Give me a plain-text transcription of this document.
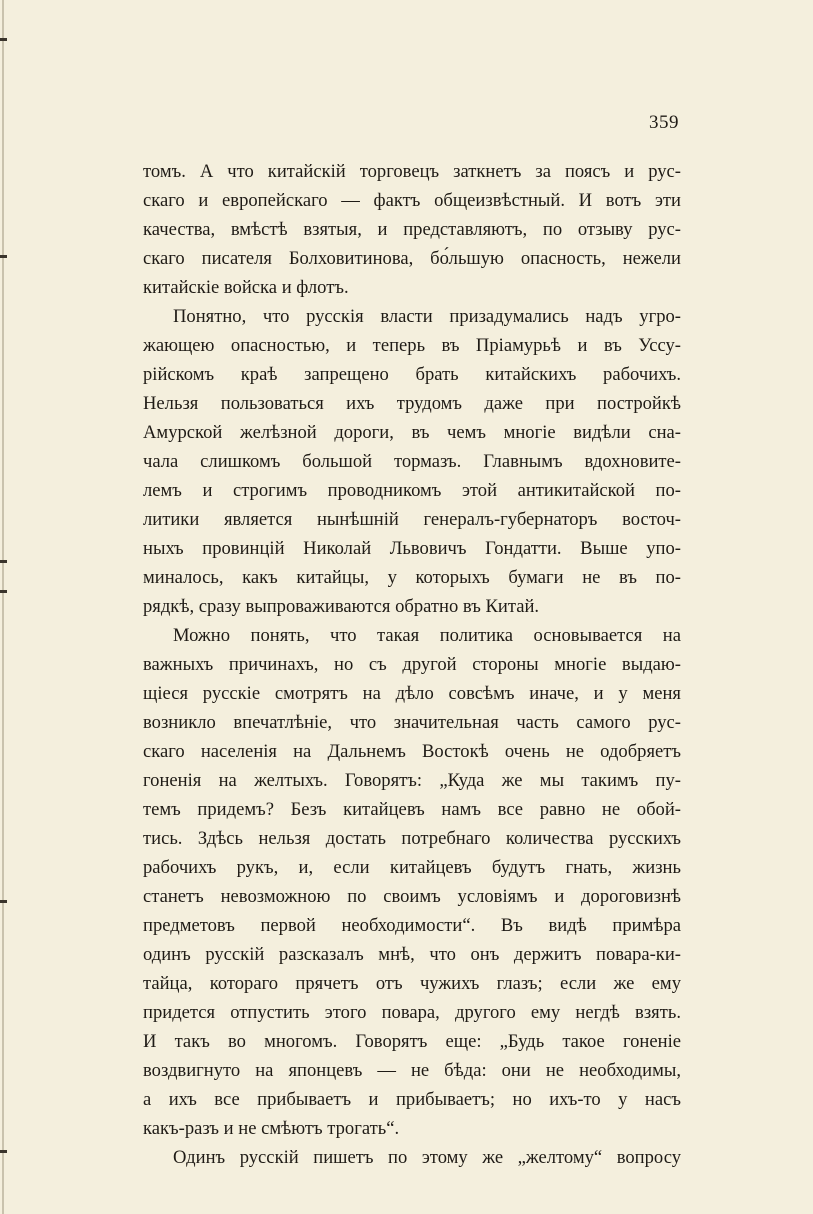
359
томъ. А что китайскій торговецъ заткнетъ за поясъ и рус-
скаго и европейскаго — фактъ общеизвѣстный. И вотъ эти
качества, вмѣстѣ взятыя, и представляютъ, по отзыву рус-
скаго писателя Болховитинова, бо́льшую опасность, нежели
китайскіе войска и флотъ.
Понятно, что русскія власти призадумались надъ угро-
жающею опасностью, и теперь въ Пріамурьѣ и въ Уссу-
рійскомъ краѣ запрещено брать китайскихъ рабочихъ.
Нельзя пользоваться ихъ трудомъ даже при постройкѣ
Амурской желѣзной дороги, въ чемъ многіе видѣли сна-
чала слишкомъ большой тормазъ. Главнымъ вдохновите-
лемъ и строгимъ проводникомъ этой антикитайской по-
литики является нынѣшній генералъ-губернаторъ восточ-
ныхъ провинцій Николай Львовичъ Гондатти. Выше упо-
миналось, какъ китайцы, у которыхъ бумаги не въ по-
рядкѣ, сразу выпроваживаются обратно въ Китай.
Можно понять, что такая политика основывается на
важныхъ причинахъ, но съ другой стороны многіе выдаю-
щіеся русскіе смотрятъ на дѣло совсѣмъ иначе, и у меня
возникло впечатлѣніе, что значительная часть самого рус-
скаго населенія на Дальнемъ Востокѣ очень не одобряетъ
гоненія на желтыхъ. Говорятъ: „Куда же мы такимъ пу-
темъ придемъ? Безъ китайцевъ намъ все равно не обой-
тись. Здѣсь нельзя достать потребнаго количества русскихъ
рабочихъ рукъ, и, если китайцевъ будутъ гнать, жизнь
станетъ невозможною по своимъ условіямъ и дороговизнѣ
предметовъ первой необходимости“. Въ видѣ примѣра
одинъ русскій разсказалъ мнѣ, что онъ держитъ повара-ки-
тайца, котораго прячетъ отъ чужихъ глазъ; если же ему
придется отпустить этого повара, другого ему негдѣ взять.
И такъ во многомъ. Говорятъ еще: „Будь такое гоненіе
воздвигнуто на японцевъ — не бѣда: они не необходимы,
а ихъ все прибываетъ и прибываетъ; но ихъ-то у насъ
какъ-разъ и не смѣютъ трогать“.
Одинъ русскій пишетъ по этому же „желтому“ вопросу
